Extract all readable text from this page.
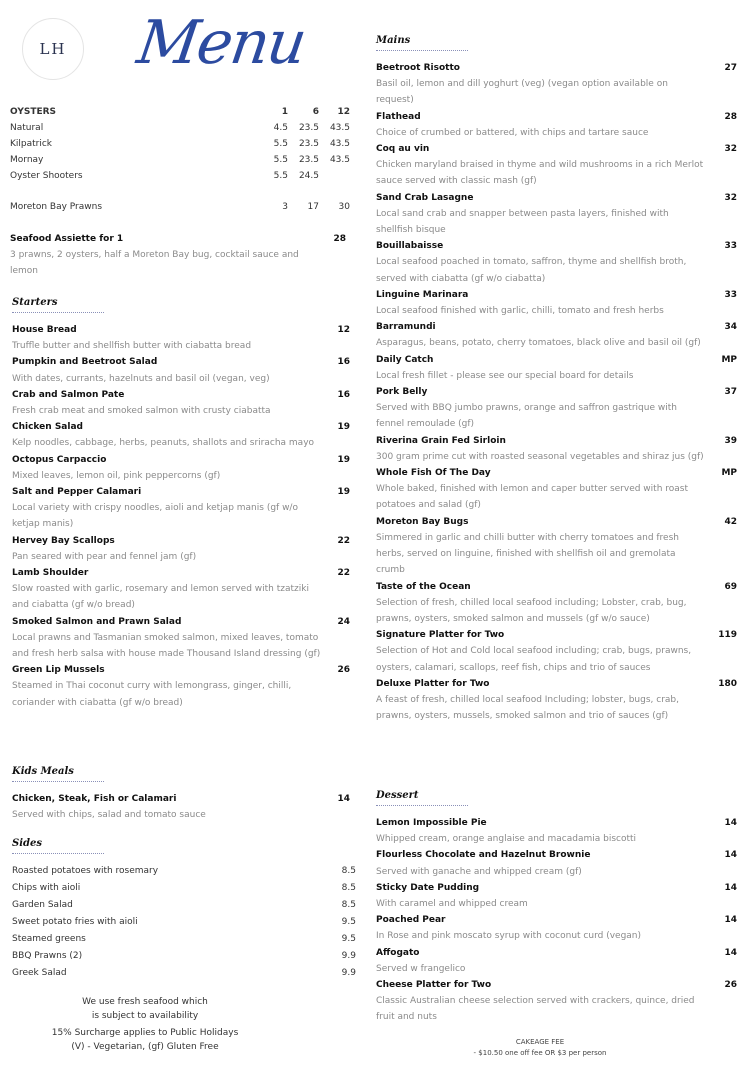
LH Menu
OYSTERS	1	6	12
Natural	4.5	23.5	43.5
Kilpatrick	5.5	23.5	43.5
Mornay	5.5	23.5	43.5
Oyster Shooters	5.5	24.5
Moreton Bay Prawns	3	17	30
Seafood Assiette for 1	28
3 prawns, 2 oysters, half a Moreton Bay bug, cocktail sauce and lemon
Starters
House Bread	12
Truffle butter and shellfish butter with ciabatta bread
Pumpkin and Beetroot Salad	16
With dates, currants, hazelnuts and basil oil (vegan, veg)
Crab and Salmon Pate	16
Fresh crab meat and smoked salmon with crusty ciabatta
Chicken Salad	19
Kelp noodles, cabbage, herbs, peanuts, shallots and sriracha mayo
Octopus Carpaccio	19
Mixed leaves, lemon oil, pink peppercorns (gf)
Salt and Pepper Calamari	19
Local variety with crispy noodles, aioli and ketjap manis (gf w/o ketjap manis)
Hervey Bay Scallops	22
Pan seared with pear and fennel jam (gf)
Lamb Shoulder	22
Slow roasted with garlic, rosemary and lemon served with tzatziki and ciabatta (gf w/o bread)
Smoked Salmon and Prawn Salad	24
Local prawns and Tasmanian smoked salmon, mixed leaves, tomato and fresh herb salsa with house made Thousand Island dressing (gf)
Green Lip Mussels	26
Steamed in Thai coconut curry with lemongrass, ginger, chilli, coriander with ciabatta (gf w/o bread)
Kids Meals
Chicken, Steak, Fish or Calamari	14
Served with chips, salad and tomato sauce
Sides
Roasted potatoes with rosemary	8.5
Chips with aioli	8.5
Garden Salad	8.5
Sweet potato fries with aioli	9.5
Steamed greens	9.5
BBQ Prawns (2)	9.9
Greek Salad	9.9
We use fresh seafood which
is subject to availability
15% Surcharge applies to Public Holidays
(V) - Vegetarian, (gf) Gluten Free
Mains
Beetroot Risotto	27
Basil oil, lemon and dill yoghurt (veg) (vegan option available on request)
Flathead	28
Choice of crumbed or battered, with chips and tartare sauce
Coq au vin	32
Chicken maryland braised in thyme and wild mushrooms in a rich Merlot sauce served with classic mash (gf)
Sand Crab Lasagne	32
Local sand crab and snapper between pasta layers, finished with shellfish bisque
Bouillabaisse	33
Local seafood poached in tomato, saffron, thyme and shellfish broth, served with ciabatta (gf w/o ciabatta)
Linguine Marinara	33
Local seafood finished with garlic, chilli, tomato and fresh herbs
Barramundi	34
Asparagus, beans, potato, cherry tomatoes, black olive and basil oil (gf)
Daily Catch	MP
Local fresh fillet - please see our special board for details
Pork Belly	37
Served with BBQ jumbo prawns, orange and saffron gastrique with fennel remoulade (gf)
Riverina Grain Fed Sirloin	39
300 gram prime cut with roasted seasonal vegetables and shiraz jus (gf)
Whole Fish Of The Day	MP
Whole baked, finished with lemon and caper butter served with roast potatoes and salad (gf)
Moreton Bay Bugs	42
Simmered in garlic and chilli butter with cherry tomatoes and fresh herbs, served on linguine, finished with shellfish oil and gremolata crumb
Taste of the Ocean	69
Selection of fresh, chilled local seafood including; Lobster, crab, bug, prawns, oysters, smoked salmon and mussels (gf w/o sauce)
Signature Platter for Two	119
Selection of Hot and Cold local seafood including; crab, bugs, prawns, oysters, calamari, scallops, reef fish, chips and trio of sauces
Deluxe Platter for Two	180
A feast of fresh, chilled local seafood Including; lobster, bugs, crab, prawns, oysters, mussels, smoked salmon and trio of sauces (gf)
Dessert
Lemon Impossible Pie	14
Whipped cream, orange anglaise and macadamia biscotti
Flourless Chocolate and Hazelnut Brownie	14
Served with ganache and whipped cream (gf)
Sticky Date Pudding	14
With caramel and whipped cream
Poached Pear	14
In Rose and pink moscato syrup with coconut curd (vegan)
Affogato	14
Served w frangelico
Cheese Platter for Two	26
Classic Australian cheese selection served with crackers, quince, dried fruit and nuts
CAKEAGE FEE
- $10.50 one off fee OR $3 per person
